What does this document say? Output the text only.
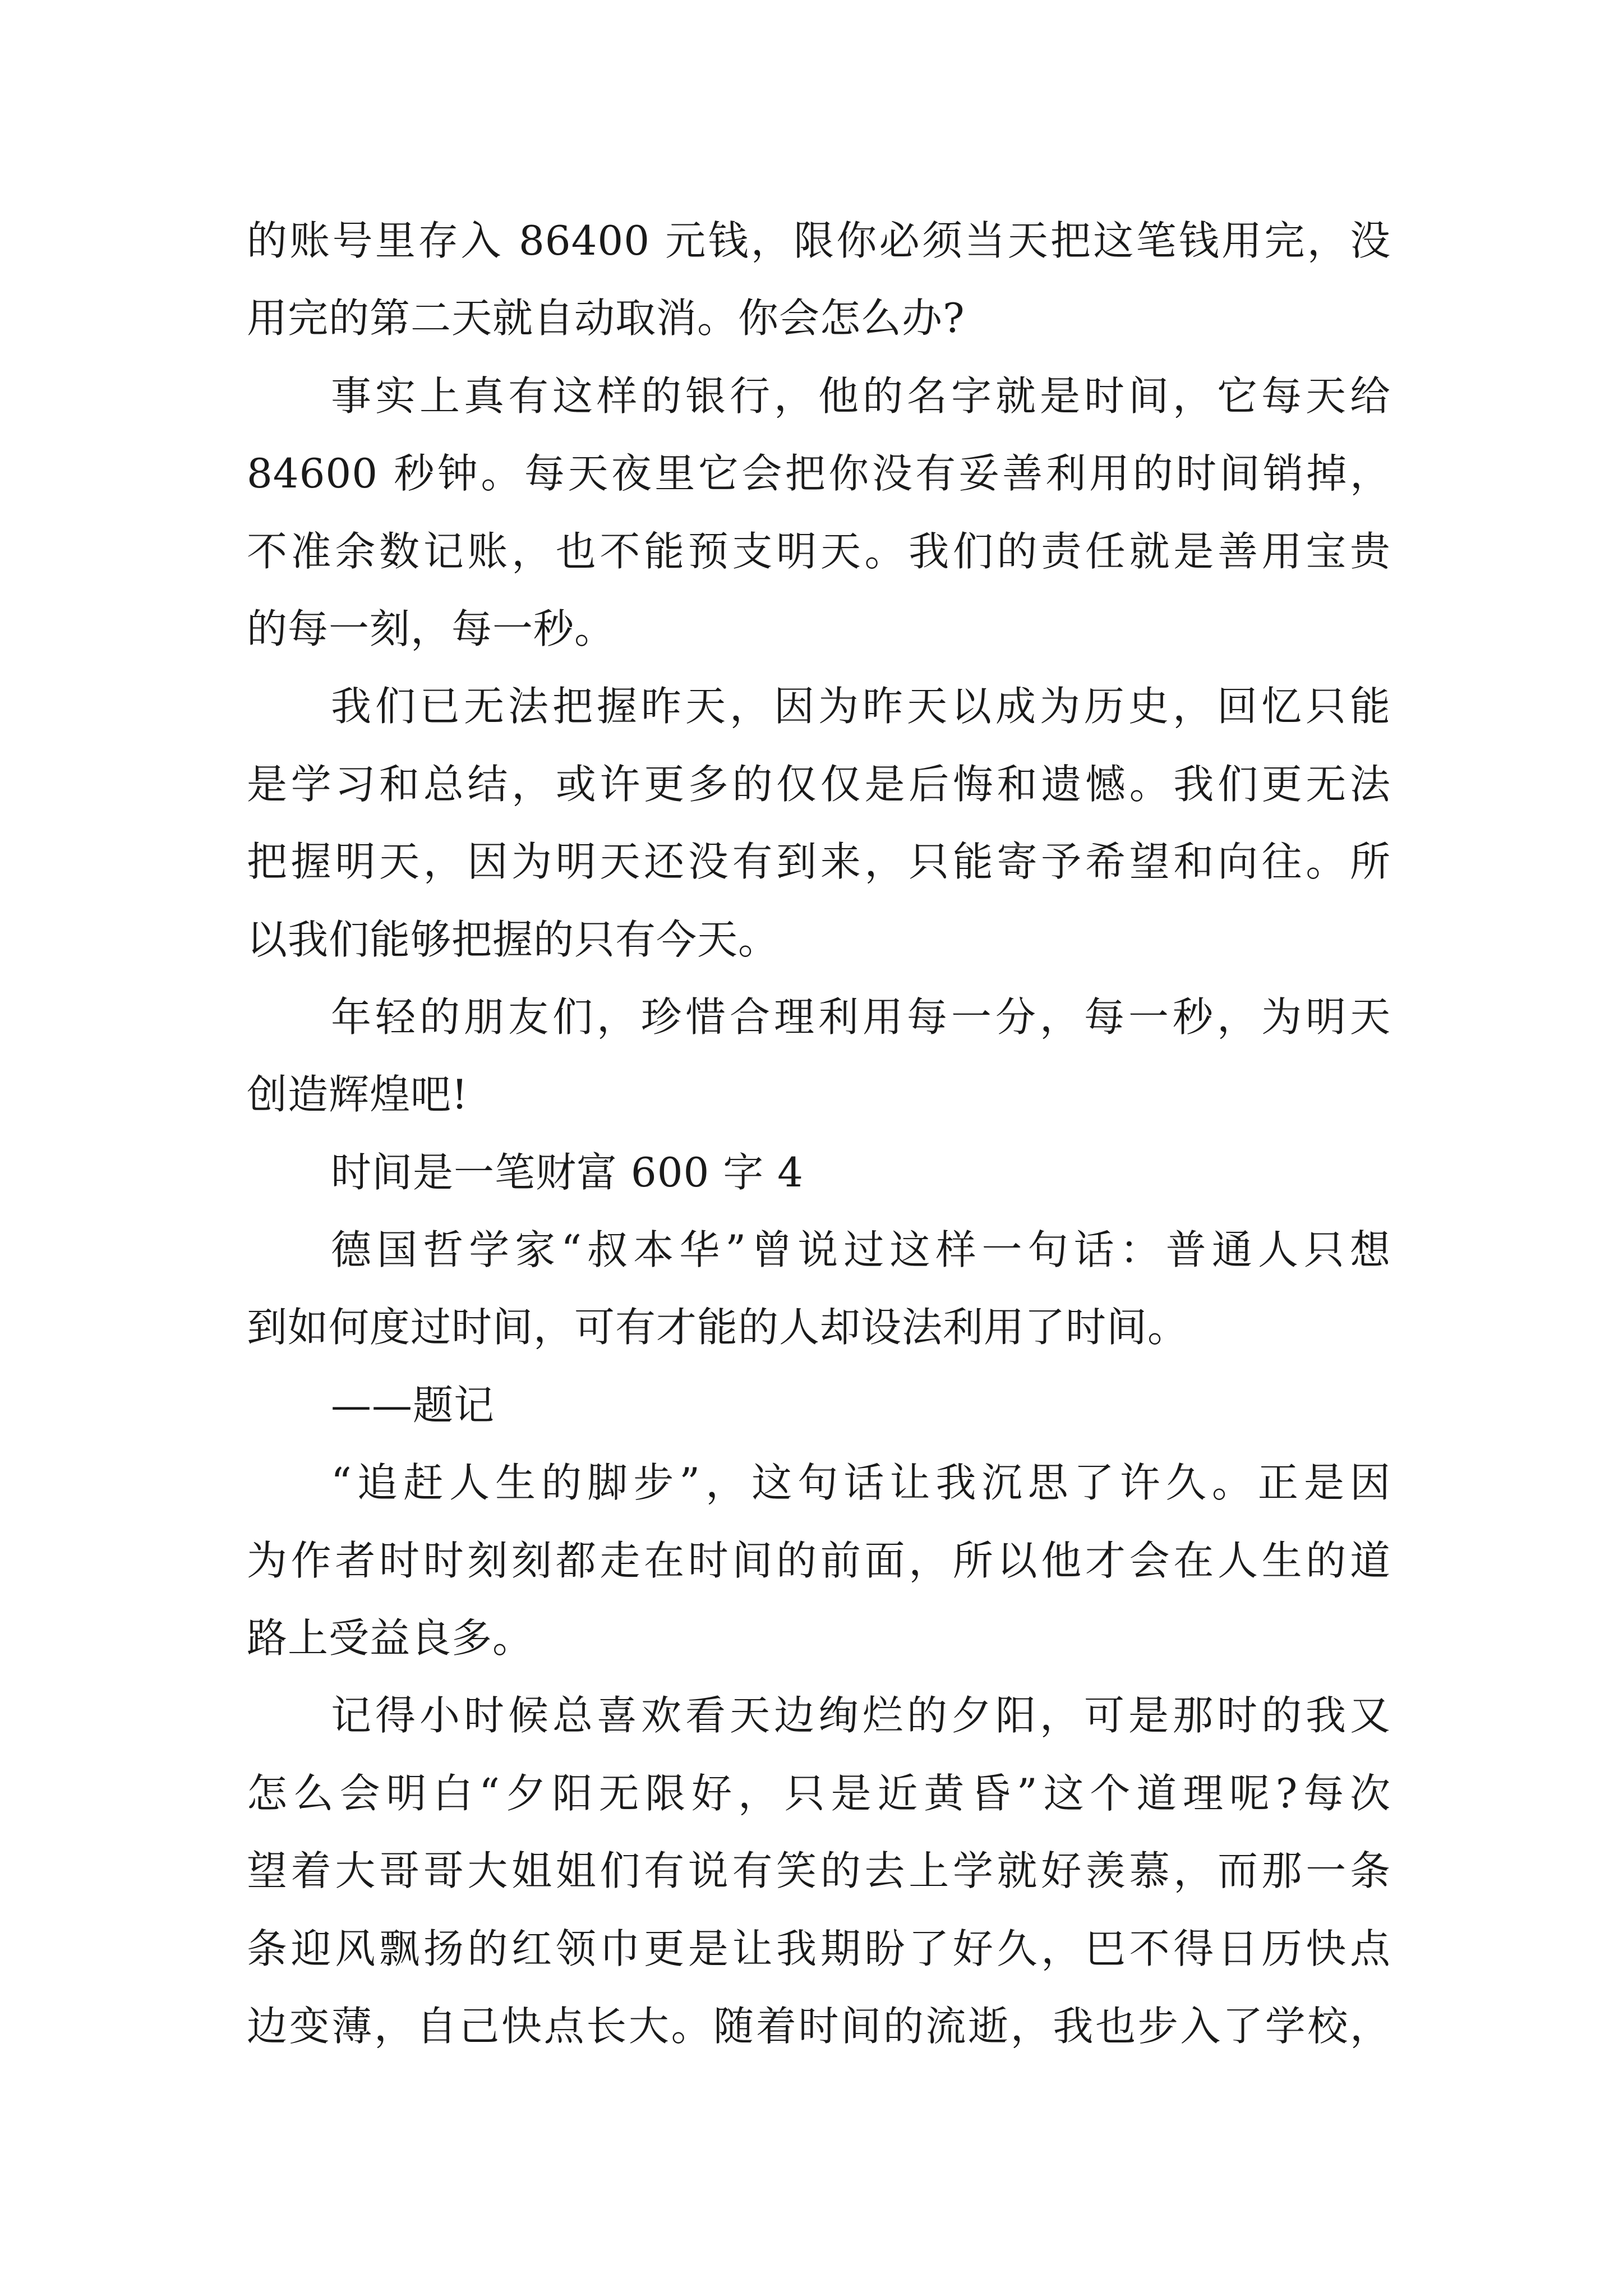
的账号里存入 86400 元钱，限你必须当天把这笔钱用完，没
用完的第二天就自动取消。你会怎么办?
事实上真有这样的银行，他的名字就是时间，它每天给
84600 秒钟。每天夜里它会把你没有妥善利用的时间销掉，
不准余数记账，也不能预支明天。我们的责任就是善用宝贵
的每一刻，每一秒。
我们已无法把握昨天，因为昨天以成为历史，回忆只能
是学习和总结，或许更多的仅仅是后悔和遗憾。我们更无法
把握明天，因为明天还没有到来，只能寄予希望和向往。所
以我们能够把握的只有今天。
年轻的朋友们，珍惜合理利用每一分，每一秒，为明天
创造辉煌吧!
时间是一笔财富 600 字 4
德国哲学家“叔本华”曾说过这样一句话：普通人只想
到如何度过时间，可有才能的人却设法利用了时间。
——题记
“追赶人生的脚步”，这句话让我沉思了许久。正是因
为作者时时刻刻都走在时间的前面，所以他才会在人生的道
路上受益良多。
记得小时候总喜欢看天边绚烂的夕阳，可是那时的我又
怎么会明白“夕阳无限好，只是近黄昏”这个道理呢?每次
望着大哥哥大姐姐们有说有笑的去上学就好羡慕，而那一条
条迎风飘扬的红领巾更是让我期盼了好久，巴不得日历快点
边变薄，自己快点长大。随着时间的流逝，我也步入了学校，
